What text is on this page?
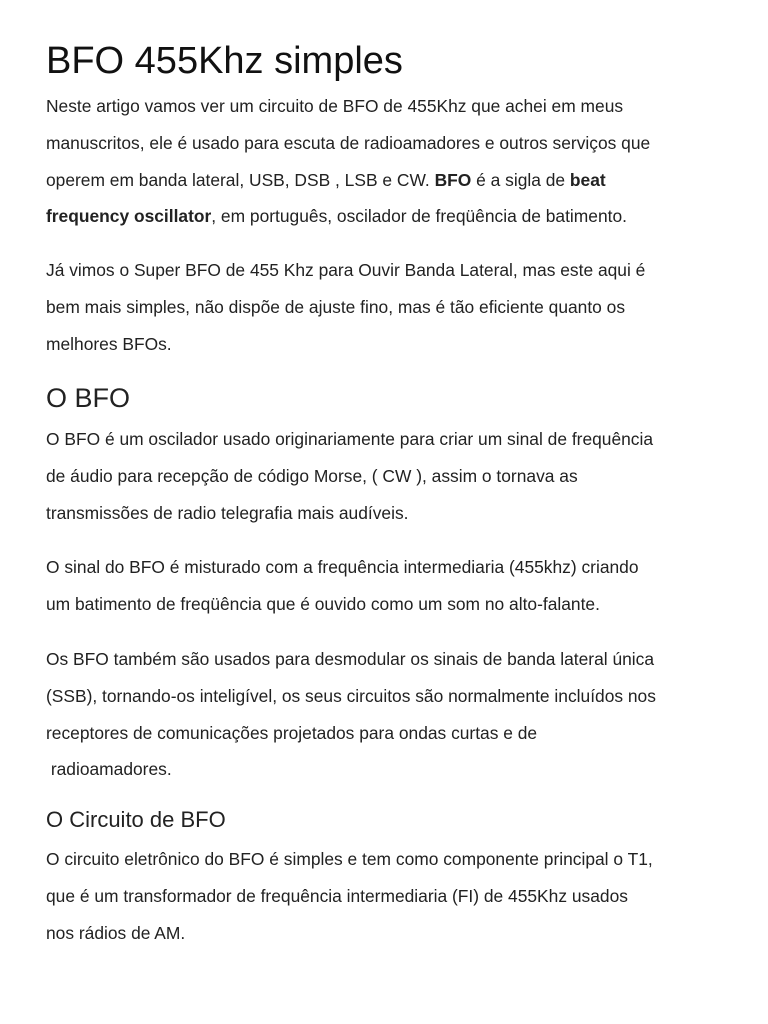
BFO 455Khz simples

Neste artigo vamos ver um circuito de BFO de 455Khz que achei em meus
manuscritos, ele é usado para escuta de radioamadores e outros serviços que
operem em banda lateral, USB, DSB , LSB e CW. BFO é a sigla de beat
frequency oscillator, em português, oscilador de freqüência de batimento.

Já vimos o Super BFO de 455 Khz para Ouvir Banda Lateral, mas este aqui é
bem mais simples, não dispõe de ajuste fino, mas é tão eficiente quanto os
melhores BFOs.

O BFO

O BFO é um oscilador usado originariamente para criar um sinal de frequência
de áudio para recepção de código Morse, ( CW ), assim o tornava as
transmissões de radio telegrafia mais audíveis.

O sinal do BFO é misturado com a frequência intermediaria (455khz) criando
um batimento de freqüência que é ouvido como um som no alto-falante.

Os BFO também são usados para desmodular os sinais de banda lateral única
(SSB), tornando-os inteligível, os seus circuitos são normalmente incluídos nos
receptores de comunicações projetados para ondas curtas e de
radioamadores.

O Circuito de BFO

O circuito eletrônico do BFO é simples e tem como componente principal o T1,
que é um transformador de frequência intermediaria (FI) de 455Khz usados
nos rádios de AM.
